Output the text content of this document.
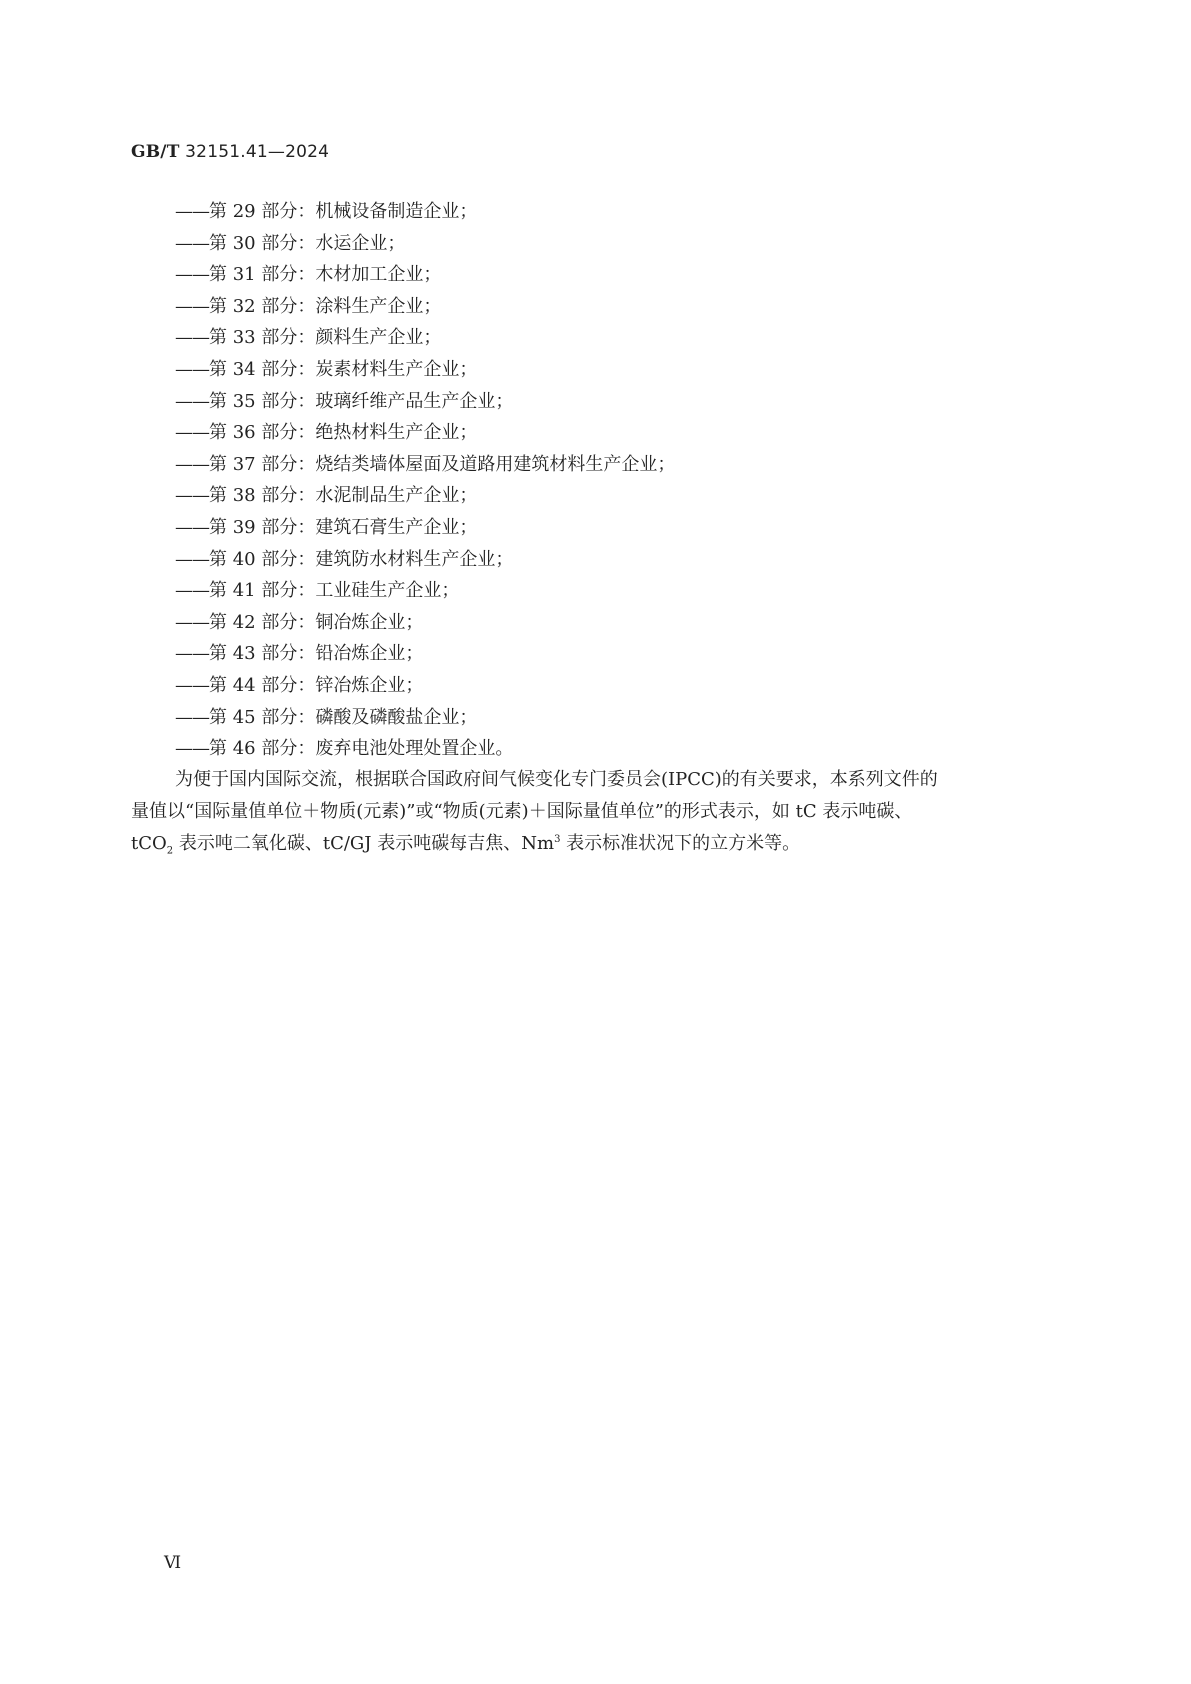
GB/T 32151.41—2024
——第 29 部分：机械设备制造企业；
——第 30 部分：水运企业；
——第 31 部分：木材加工企业；
——第 32 部分：涂料生产企业；
——第 33 部分：颜料生产企业；
——第 34 部分：炭素材料生产企业；
——第 35 部分：玻璃纤维产品生产企业；
——第 36 部分：绝热材料生产企业；
——第 37 部分：烧结类墙体屋面及道路用建筑材料生产企业；
——第 38 部分：水泥制品生产企业；
——第 39 部分：建筑石膏生产企业；
——第 40 部分：建筑防水材料生产企业；
——第 41 部分：工业硅生产企业；
——第 42 部分：铜冶炼企业；
——第 43 部分：铅冶炼企业；
——第 44 部分：锌冶炼企业；
——第 45 部分：磷酸及磷酸盐企业；
——第 46 部分：废弃电池处理处置企业。
为便于国内国际交流，根据联合国政府间气候变化专门委员会(IPCC)的有关要求，本系列文件的
量值以“国际量值单位＋物质(元素)”或“物质(元素)＋国际量值单位”的形式表示，如 tC 表示吨碳、
tCO$_2$ 表示吨二氧化碳、tC/GJ 表示吨碳每吉焦、Nm$^3$ 表示标准状况下的立方米等。
Ⅵ
